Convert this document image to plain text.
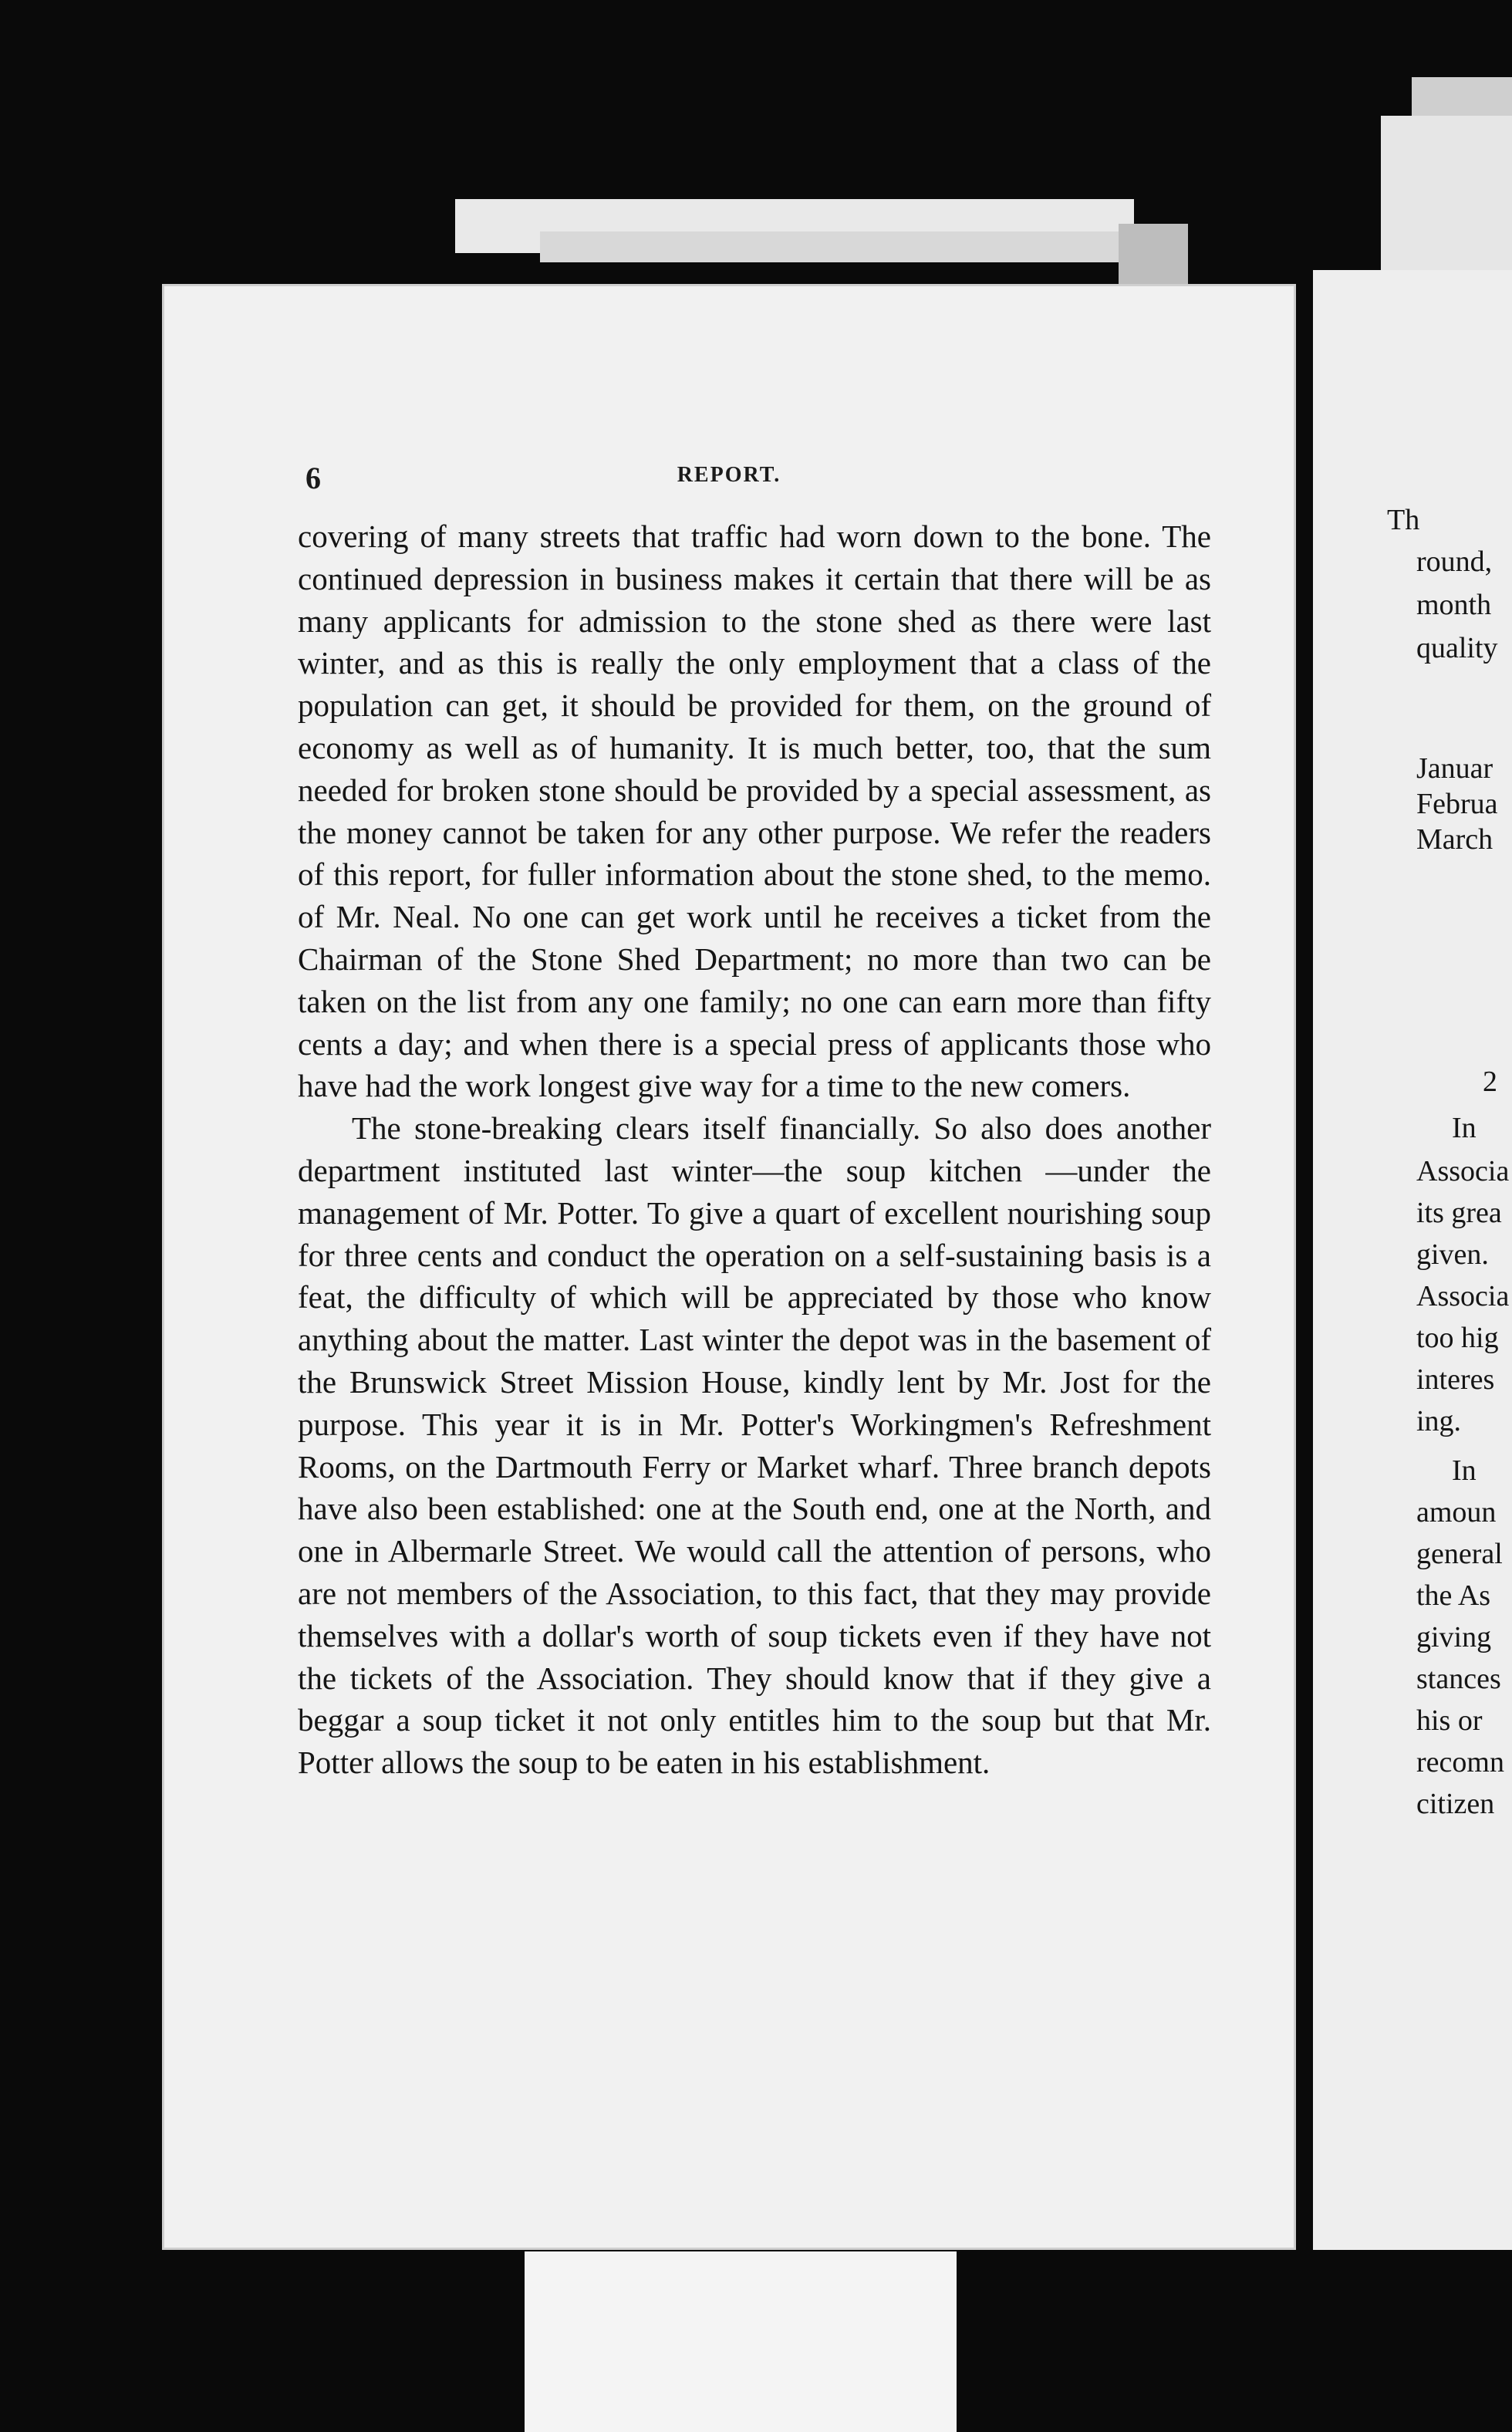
6	REPORT.

covering of many streets that traffic had worn down to the bone. The continued depression in business makes it certain that there will be as many applicants for admission to the stone shed as there were last winter, and as this is really the only employment that a class of the population can get, it should be provided for them, on the ground of economy as well as of humanity. It is much better, too, that the sum needed for broken stone should be provided by a special assessment, as the money cannot be taken for any other purpose. We refer the readers of this report, for fuller information about the stone shed, to the memo. of Mr. Neal. No one can get work until he receives a ticket from the Chairman of the Stone Shed Department; no more than two can be taken on the list from any one family; no one can earn more than fifty cents a day; and when there is a special press of applicants those who have had the work longest give way for a time to the new comers.

The stone-breaking clears itself financially. So also does another department instituted last winter—the soup kitchen —under the management of Mr. Potter. To give a quart of excellent nourishing soup for three cents and conduct the operation on a self-sustaining basis is a feat, the difficulty of which will be appreciated by those who know anything about the matter. Last winter the depot was in the basement of the Brunswick Street Mission House, kindly lent by Mr. Jost for the purpose. This year it is in Mr. Potter's Workingmen's Refreshment Rooms, on the Dartmouth Ferry or Market wharf. Three branch depots have also been established: one at the South end, one at the North, and one in Albermarle Street. We would call the attention of persons, who are not members of the Association, to this fact, that they may provide themselves with a dollar's worth of soup tickets even if they have not the tickets of the Association. They should know that if they give a beggar a soup ticket it not only entitles him to the soup but that Mr. Potter allows the soup to be eaten in his establishment.

Th
round,
month
quality
Januar
Februa
March
2
In
Associa
its grea
given.
Associa
too hig
interes
ing.
In
amoun
general
the As
giving
stances
his or
recomn
citizen
